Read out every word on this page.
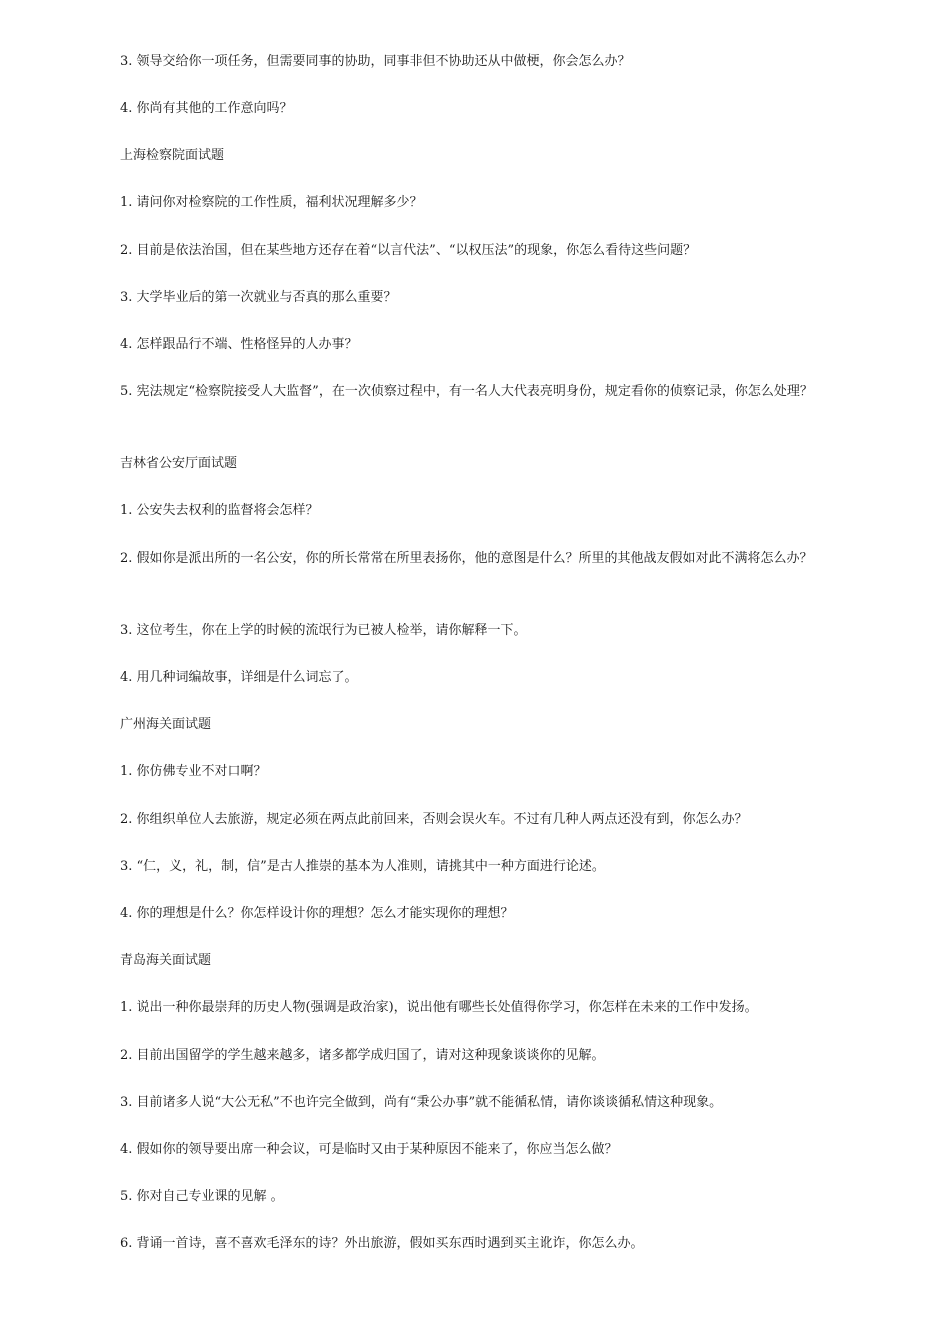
3. 领导交给你一项任务，但需要同事的协助，同事非但不协助还从中做梗，你会怎么办？
4. 你尚有其他的工作意向吗？
上海检察院面试题
1. 请问你对检察院的工作性质，福利状况理解多少？
2. 目前是依法治国，但在某些地方还存在着“以言代法”、“以权压法”的现象，你怎么看待这些问题？
3. 大学毕业后的第一次就业与否真的那么重要？
4. 怎样跟品行不端、性格怪异的人办事？
5. 宪法规定“检察院接受人大监督”，在一次侦察过程中，有一名人大代表亮明身份，规定看你的侦察记录，你怎么处理？
吉林省公安厅面试题
1. 公安失去权利的监督将会怎样？
2. 假如你是派出所的一名公安，你的所长常常在所里表扬你，他的意图是什么？所里的其他战友假如对此不满将怎么办？
3. 这位考生，你在上学的时候的流氓行为已被人检举，请你解释一下。
4. 用几种词编故事，详细是什么词忘了。
广州海关面试题
1. 你仿佛专业不对口啊？
2. 你组织单位人去旅游，规定必须在两点此前回来，否则会误火车。不过有几种人两点还没有到，你怎么办？
3. “仁，义，礼，制，信”是古人推崇的基本为人准则，请挑其中一种方面进行论述。
4. 你的理想是什么？你怎样设计你的理想？怎么才能实现你的理想？
青岛海关面试题
1. 说出一种你最崇拜的历史人物(强调是政治家)，说出他有哪些长处值得你学习，你怎样在未来的工作中发扬。
2. 目前出国留学的学生越来越多，诸多都学成归国了，请对这种现象谈谈你的见解。
3. 目前诸多人说“大公无私”不也许完全做到，尚有“秉公办事”就不能循私情，请你谈谈循私情这种现象。
4. 假如你的领导要出席一种会议，可是临时又由于某种原因不能来了，你应当怎么做？
5. 你对自己专业课的见解 。
6. 背诵一首诗，喜不喜欢毛泽东的诗？外出旅游，假如买东西时遇到买主讹诈，你怎么办。
